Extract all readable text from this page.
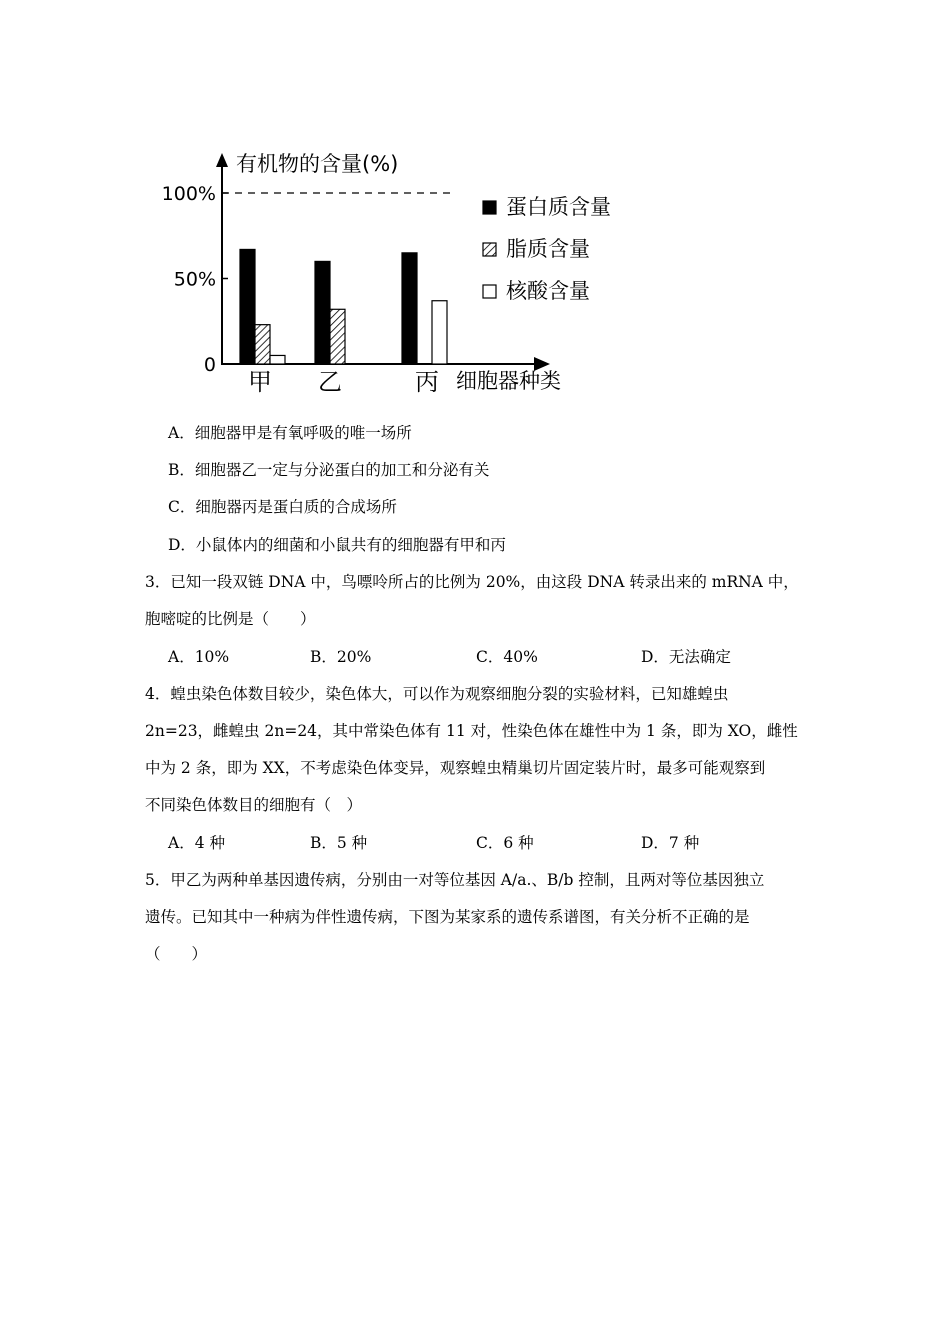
有机物的含量(%)
细胞器种类
100%
50%
0
甲 乙	丙
蛋白质含量
脂质含量
核酸含量
A．细胞器甲是有氧呼吸的唯一场所
B．细胞器乙一定与分泌蛋白的加工和分泌有关
C．细胞器丙是蛋白质的合成场所
D．小鼠体内的细菌和小鼠共有的细胞器有甲和丙
3．已知一段双链 DNA 中，鸟嘌呤所占的比例为 20%，由这段 DNA 转录出来的 mRNA 中，
胞嘧啶的比例是（　　）
A．10%	B．20%	C．40%	D．无法确定
4．蝗虫染色体数目较少，染色体大，可以作为观察细胞分裂的实验材料，已知雄蝗虫
2n=23，雌蝗虫 2n=24，其中常染色体有 11 对，性染色体在雄性中为 1 条，即为 XO，雌性
中为 2 条，即为 XX，不考虑染色体变异，观察蝗虫精巢切片固定装片时，最多可能观察到
不同染色体数目的细胞有（　）
A．4 种	B．5 种	C．6 种	D．7 种
5．甲乙为两种单基因遗传病，分别由一对等位基因 A/a.、B/b 控制，且两对等位基因独立
遗传。已知其中一种病为伴性遗传病，下图为某家系的遗传系谱图，有关分析不正确的是
（　　）
